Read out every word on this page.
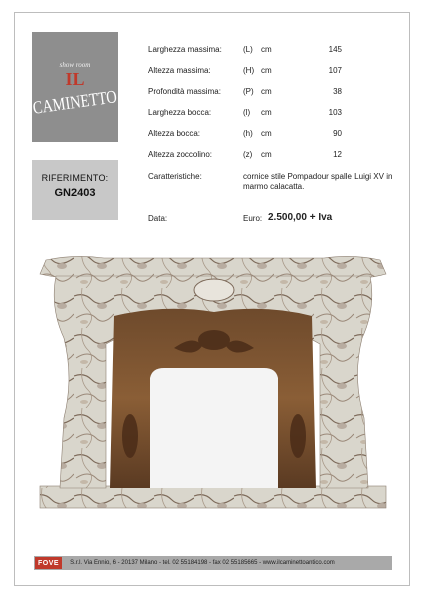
show room
IL
CAMINETTO
RIFERIMENTO:
GN2403
Larghezza massima:	(L) cm	145
Altezza massima:	(H) cm	107
Profondità massima:	(P) cm	38
Larghezza bocca:	(l) cm	103
Altezza bocca:	(h) cm	90
Altezza zoccolino:	(z) cm	12
Caratteristiche:	cornice stile Pompadour spalle Luigi XV in marmo calacatta.
Data:	Euro: 2.500,00 + Iva
FOVE	S.r.l. Via Ennio, 6 - 20137 Milano - tel. 02 55184198 - fax 02 55185665 - www.ilcaminettoantico.com
